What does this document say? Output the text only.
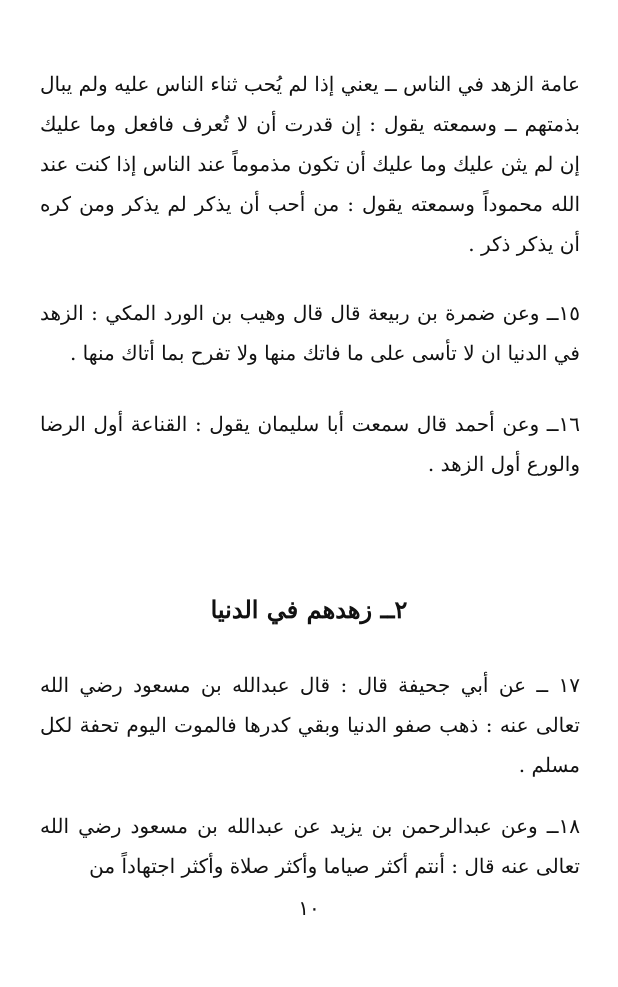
عامة الزهد في الناس ــ يعني إذا لم يُحب ثناء الناس عليه ولم يبال بذمتهم ــ وسمعته يقول : إن قدرت أن لا تُعرف فافعل وما عليك إن لم يثن عليك وما عليك أن تكون مذموماً عند الناس إذا كنت عند الله محموداً وسمعته يقول : من أحب أن يذكر لم يذكر ومن كره أن يذكر ذكر .

١٥ــ وعن ضمرة بن ربيعة قال قال وهيب بن الورد المكي : الزهد في الدنيا ان لا تأسى على ما فاتك منها ولا تفرح بما أتاك منها .

١٦ــ وعن أحمد قال سمعت أبا سليمان يقول : القناعة أول الرضا والورع أول الزهد .

٢ــ زهدهم في الدنيا

١٧ ــ عن أبي جحيفة قال : قال عبدالله بن مسعود رضي الله تعالى عنه : ذهب صفو الدنيا وبقي كدرها فالموت اليوم تحفة لكل مسلم .

١٨ــ وعن عبدالرحمن بن يزيد عن عبدالله بن مسعود رضي الله تعالى عنه قال : أنتم أكثر صياما وأكثر صلاة وأكثر اجتهاداً من

١٠
